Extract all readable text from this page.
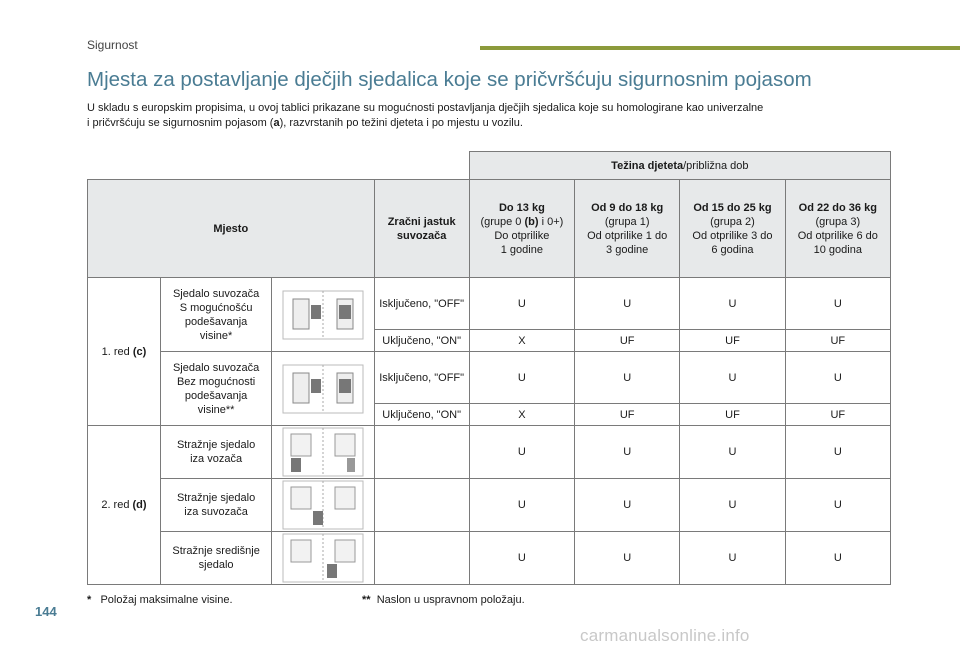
Sigurnost
Mjesta za postavljanje dječjih sjedalica koje se pričvršćuju sigurnosnim pojasom
U skladu s europskim propisima, u ovoj tablici prikazane su mogućnosti postavljanja dječjih sjedalica koje su homologirane kao univerzalne
i pričvršćuju se sigurnosnim pojasom (a), razvrstanih po težini djeteta i po mjestu u vozilu.
				Težina djeteta/približna dob			
Mjesto			Zračni jastuk suvozača	Do 13 kg
(grupe 0 (b) i 0+)
Do otprilike
1 godine	Od 9 do 18 kg
(grupa 1)
Od otprilike 1 do
3 godine	Od 15 do 25 kg
(grupa 2)
Od otprilike 3 do
6 godina	Od 22 do 36 kg
(grupa 3)
Od otprilike 6 do
10 godina
1. red (c)	Sjedalo suvozača
S mogućnošću
podešavanja
visine*		Isključeno, "OFF"	U	U	U	U
			Uključeno, "ON"	X	UF	UF	UF
	Sjedalo suvozača
Bez mogućnosti
podešavanja
visine**		Isključeno, "OFF"	U	U	U	U
			Uključeno, "ON"	X	UF	UF	UF
2. red (d)	Stražnje sjedalo
iza vozača			U	U	U	U
	Stražnje sjedalo
iza suvozača			U	U	U	U
	Stražnje središnje
sjedalo			U	U	U	U
* Položaj maksimalne visine.	** Naslon u uspravnom položaju.
144
carmanualsonline.info
